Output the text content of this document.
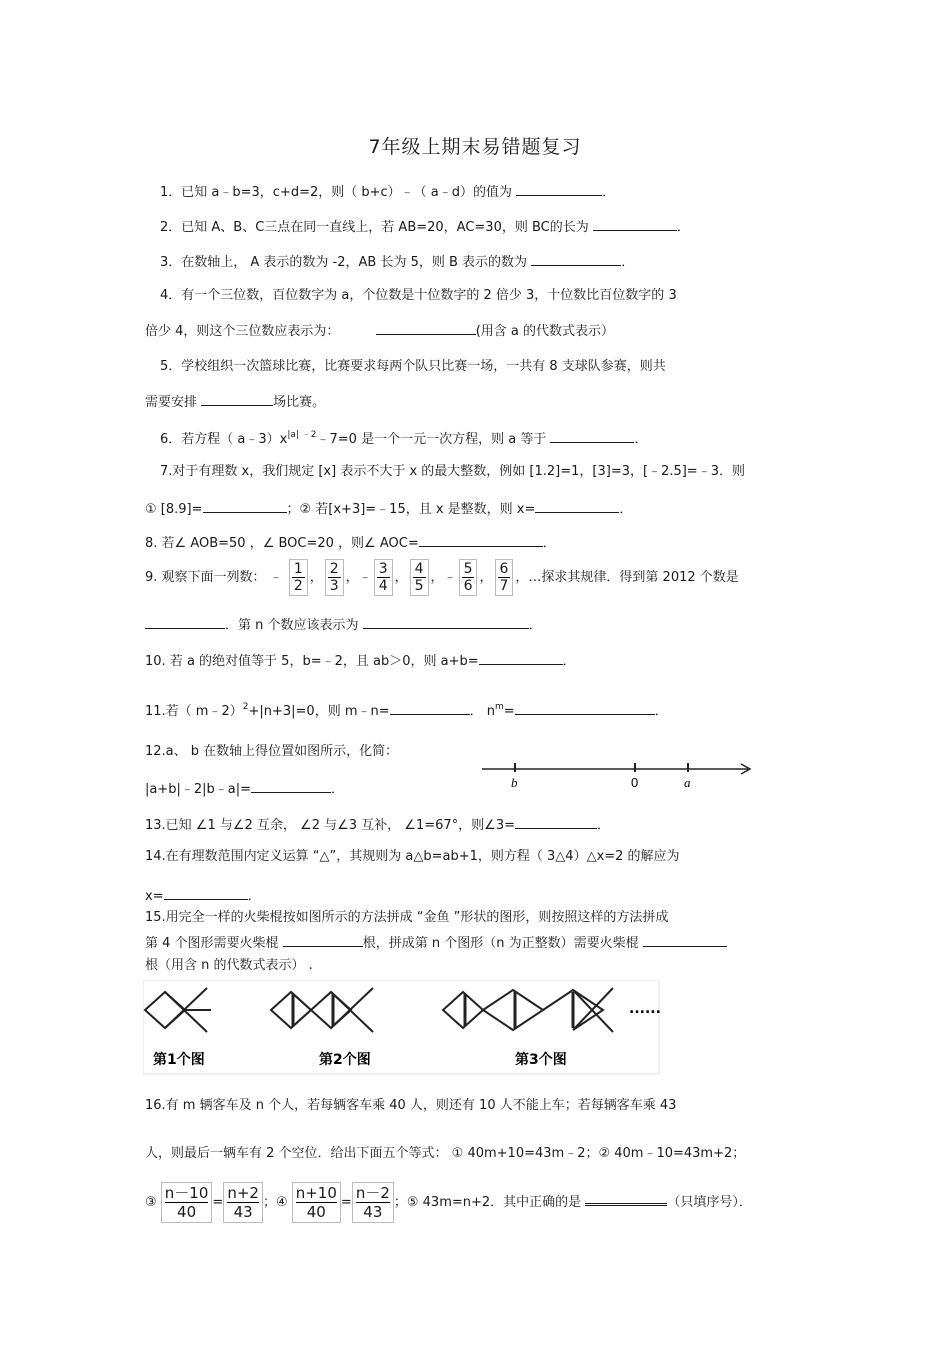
7年级上期末易错题复习
1．已知 a﹣b=3，c+d=2，则（ b+c）﹣（ a﹣d）的值为	．
2．已知 A、B、C三点在同一直线上，若 AB=20，AC=30，则 BC的长为	．
3．在数轴上， A 表示的数为 -2，AB 长为 5，则 B 表示的数为	．
4．有一个三位数，百位数字为 a，个位数是十位数字的 2 倍少 3，十位数比百位数字的 3
倍少 4，则这个三位数应表示为：	(用含 a 的代数式表示）
5．学校组织一次篮球比赛，比赛要求每两个队只比赛一场，一共有 8 支球队参赛，则共
需要安排	场比赛。
6．若方程（ $a﹣3)x^{|a| ﹣2}﹣7=0$ 是一个一元一次方程，则 a 等于	．
7.对于有理数 x，我们规定 [x] 表示不大于 x 的最大整数，例如 [1.2]=1，[3]=3，[﹣2.5]=﹣3．则
① [8.9]=	；② 若[x+3]=﹣15，且 x 是整数，则 x=	．
8. 若∠ AOB=50 ，∠ BOC=20 ，则∠ AOC=	．
9. 观察下面一列数： ﹣ $\frac{1}{2}$ ， $\frac{2}{3}$ ，﹣ $\frac{3}{4}$ ， $\frac{4}{5}$ ，﹣ $\frac{5}{6}$ ， $\frac{6}{7}$ ，…探求其规律．得到第 2012 个数是
．第 n 个数应该表示为	．
10. 若 a 的绝对值等于 5，b=﹣2，且 ab＞0，则 a+b=	．
11.若（ m﹣2）$^2$+|n+3|=0，则 m﹣n=	． $n^m=$	．
12.a、 b 在数轴上得位置如图所示，化简：
|a+b|﹣2|b﹣a|=	．	b	0	a
13.已知 ∠1 与∠2 互余， ∠2 与∠3 互补， ∠1=67°，则∠3=	．
14.在有理数范围内定义运算 “△”，其规则为 a△b=ab+1，则方程（ 3△4）△x=2 的解应为
x=	．
15.用完全一样的火柴棍按如图所示的方法拼成 “金鱼 ”形状的图形，则按照这样的方法拼成
第 4 个图形需要火柴棍	根，拼成第 n 个图形（n 为正整数）需要火柴棍
根（用含 n 的代数式表示） .
......
第1个图	第2个图	第3个图
16.有 m 辆客车及 n 个人，若每辆客车乘 40 人，则还有 10 人不能上车；若每辆客车乘 43
人，则最后一辆车有 2 个空位．给出下面五个等式： ① 40m+10=43m﹣2；② 40m﹣10=43m+2；
③ $\frac{n-10}{40} = \frac{n+2}{43}$ ；④ $\frac{n+10}{40} = \frac{n-2}{43}$ ；⑤ 43m=n+2．其中正确的是	（只填序号）．
